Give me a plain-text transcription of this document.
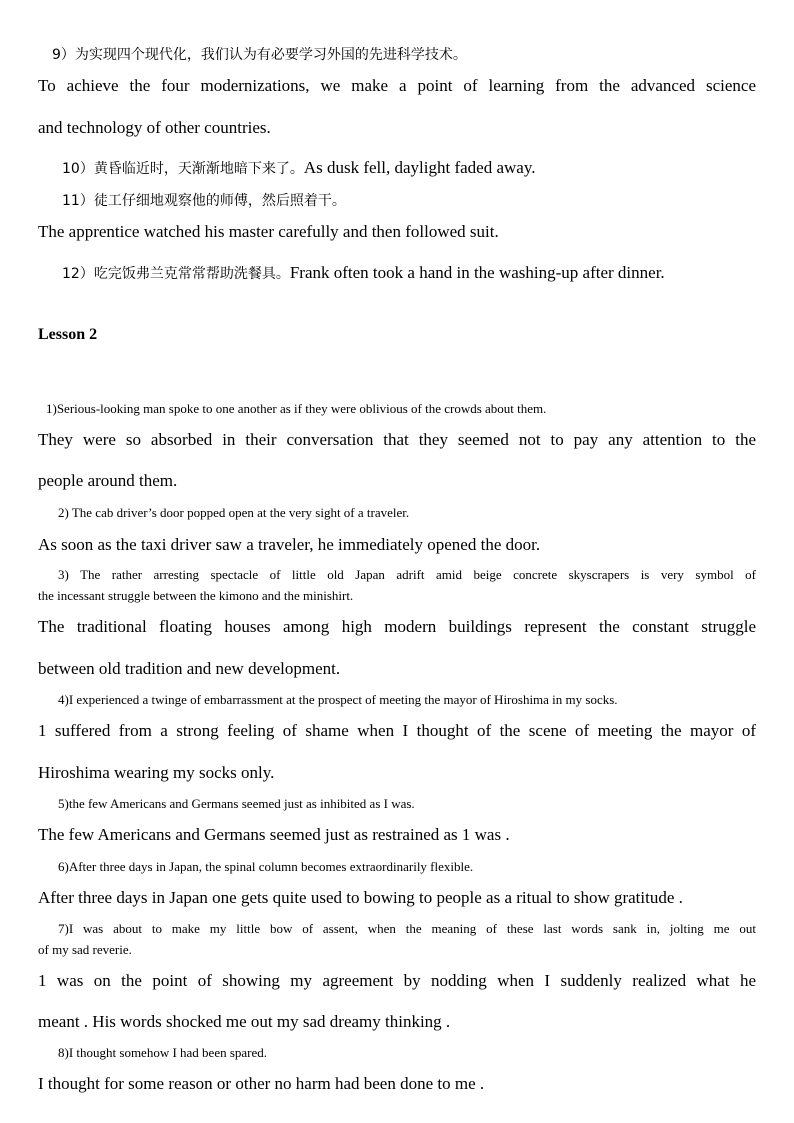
9）为实现四个现代化，我们认为有必要学习外国的先进科学技术。
To achieve the four modernizations, we make a point of learning from the advanced science
and technology of other countries.
10）黄昏临近时，天渐渐地暗下来了。As dusk fell, daylight faded away.
11）徒工仔细地观察他的师傅，然后照着干。
The apprentice watched his master carefully and then followed suit.
12）吃完饭弗兰克常常帮助洗餐具。Frank often took a hand in the washing-up after dinner.
Lesson 2
1)Serious-looking man spoke to one another as if they were oblivious of the crowds about them.
They were so absorbed in their conversation that they seemed not to pay any attention to the
people around them.
2) The cab driver’s door popped open at the very sight of a traveler.
As soon as the taxi driver saw a traveler, he immediately opened the door.
3) The rather arresting spectacle of little old Japan adrift amid beige concrete skyscrapers is very symbol of
the incessant struggle between the kimono and the minishirt.
The traditional floating houses among high modern buildings represent the constant struggle
between old tradition and new development.
4)I experienced a twinge of embarrassment at the prospect of meeting the mayor of Hiroshima in my socks.
1 suffered from a strong feeling of shame when I thought of the scene of meeting the mayor of
Hiroshima wearing my socks only.
5)the few Americans and Germans seemed just as inhibited as I was.
The few Americans and Germans seemed just as restrained as 1 was .
6)After three days in Japan, the spinal column becomes extraordinarily flexible.
After three days in Japan one gets quite used to bowing to people as a ritual to show gratitude .
7)I was about to make my little bow of assent, when the meaning of these last words sank in, jolting me out
of my sad reverie.
1 was on the point of showing my agreement by nodding when I suddenly realized what he
meant . His words shocked me out my sad dreamy thinking .
8)I thought somehow I had been spared.
I thought for some reason or other no harm had been done to me .
